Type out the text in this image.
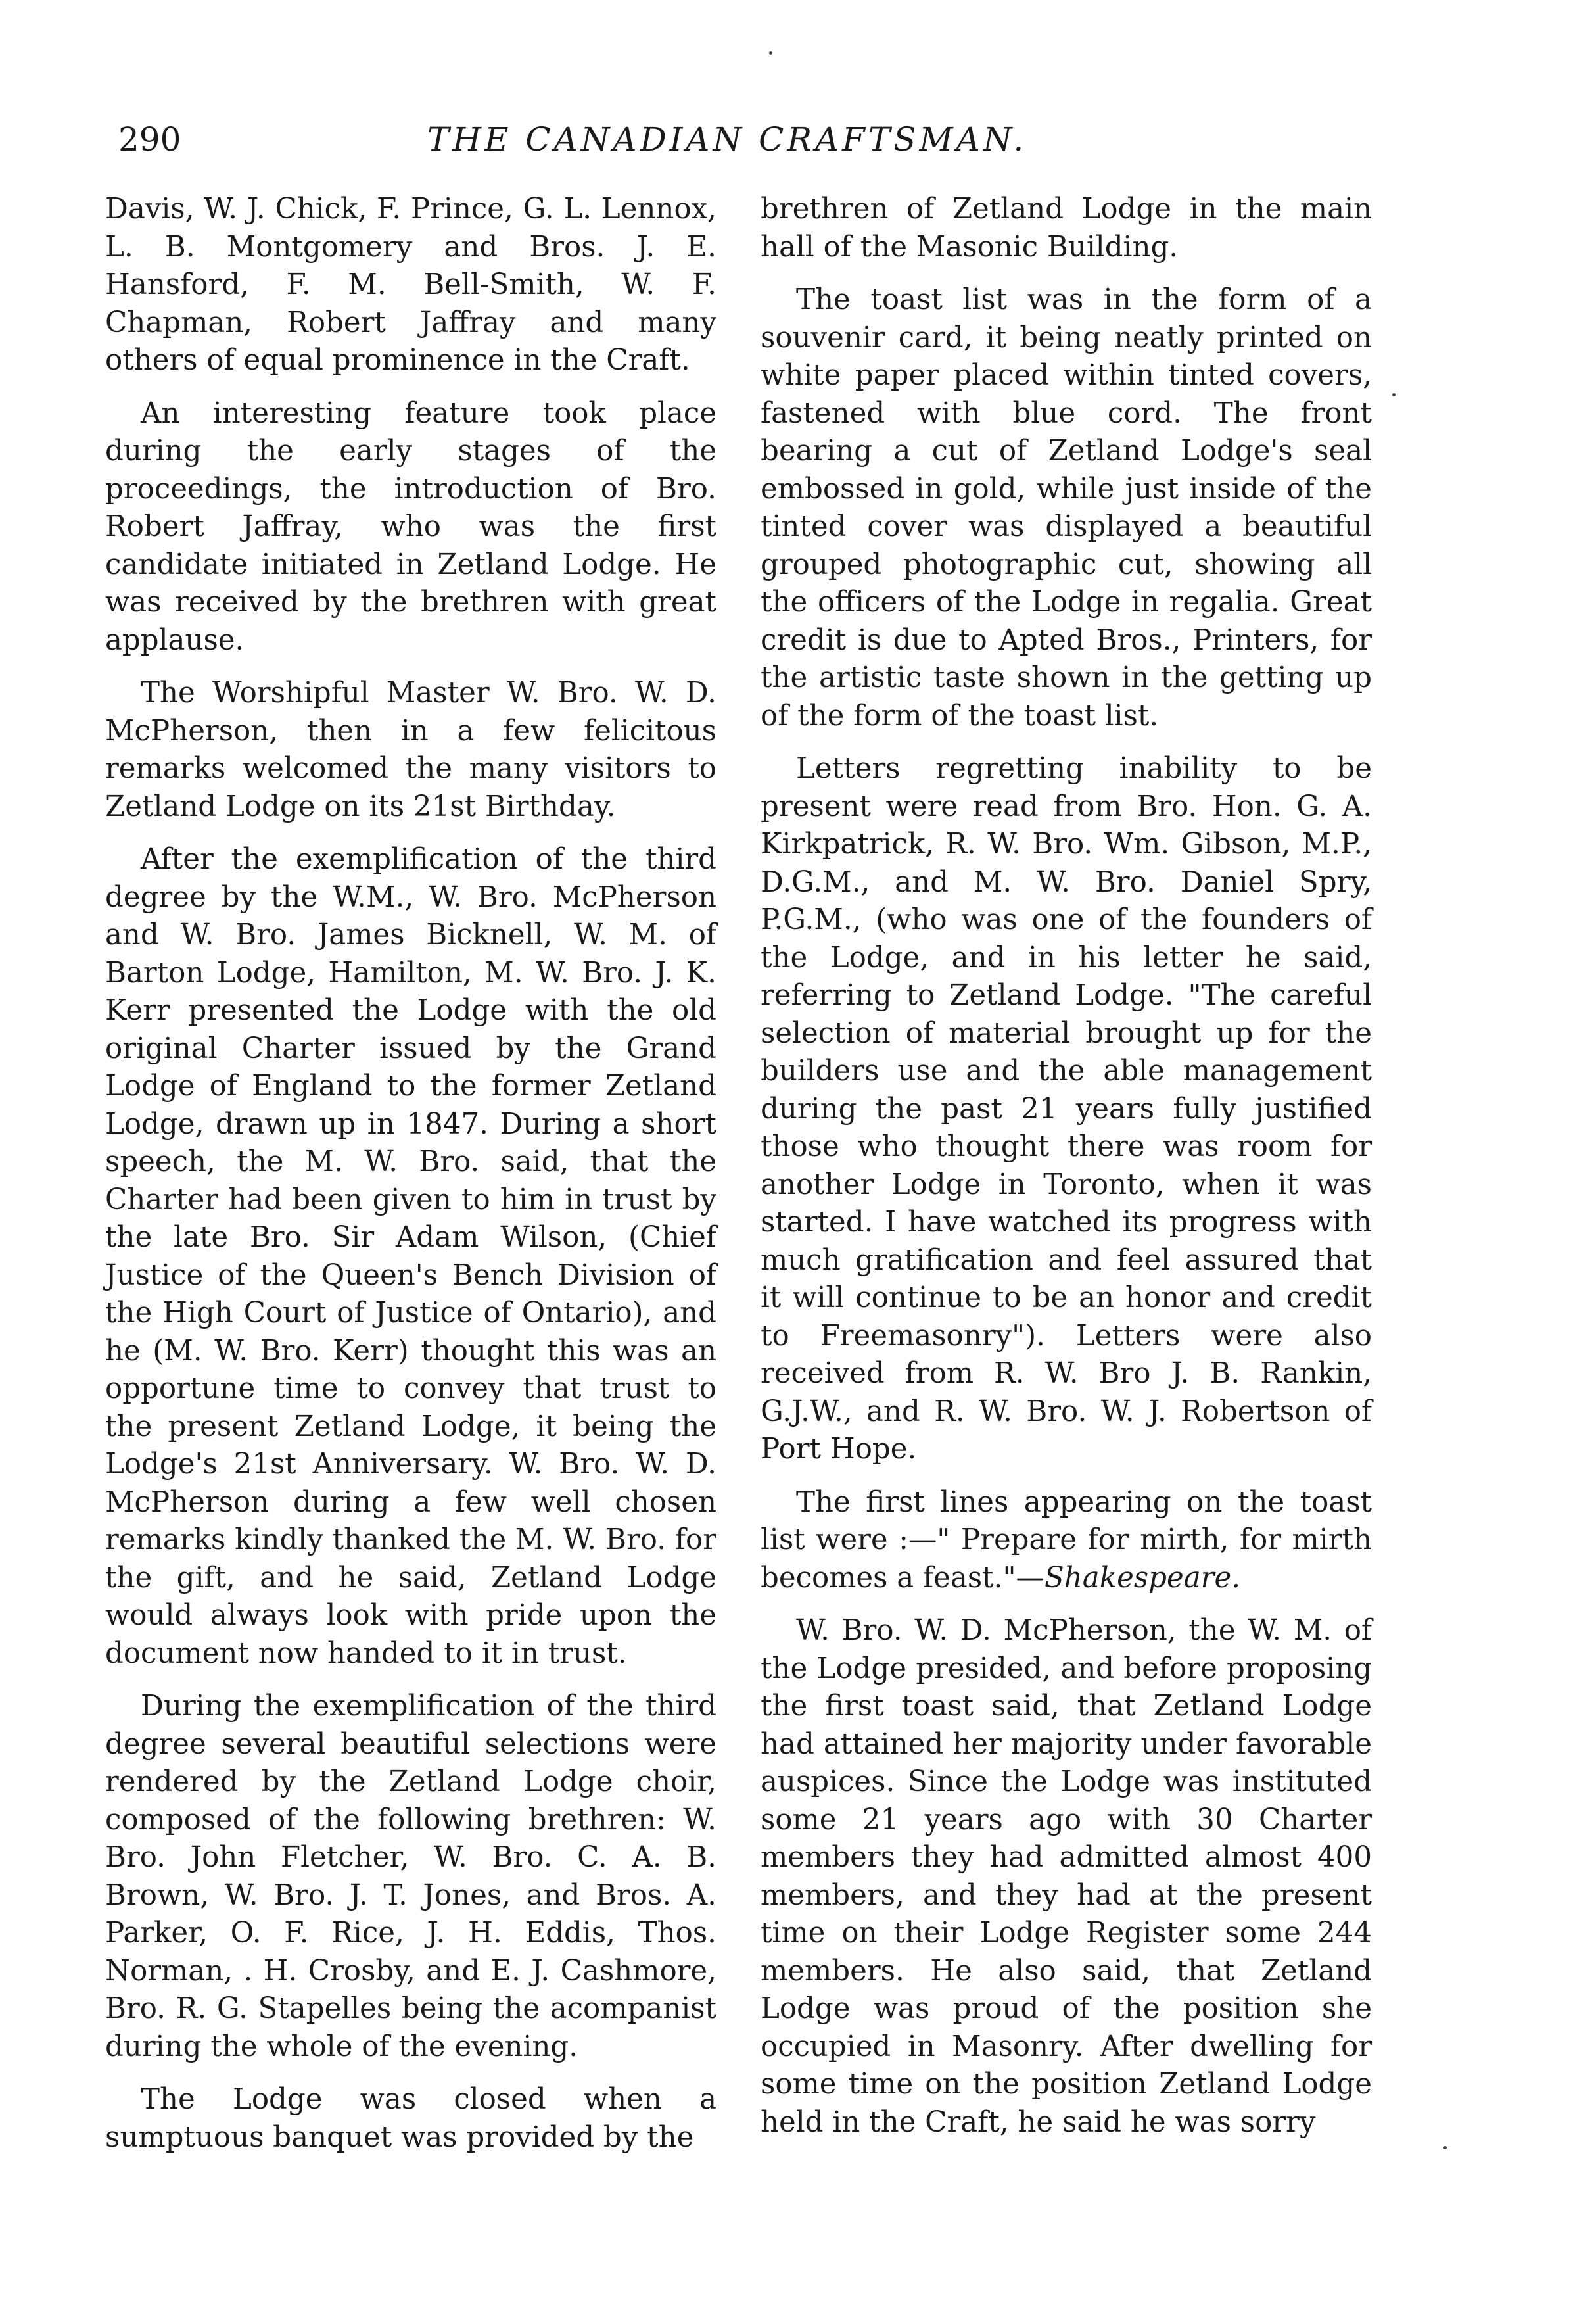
290	THE CANADIAN CRAFTSMAN.

Davis, W. J. Chick, F. Prince, G. L. Lennox, L. B. Montgomery and Bros. J. E. Hansford, F. M. Bell-Smith, W. F. Chapman, Robert Jaffray and many others of equal prominence in the Craft.

An interesting feature took place during the early stages of the proceedings, the introduction of Bro. Robert Jaffray, who was the first candidate initiated in Zetland Lodge. He was received by the brethren with great applause.

The Worshipful Master W. Bro. W. D. McPherson, then in a few felicitous remarks welcomed the many visitors to Zetland Lodge on its 21st Birthday.

After the exemplification of the third degree by the W.M., W. Bro. McPherson and W. Bro. James Bicknell, W. M. of Barton Lodge, Hamilton, M. W. Bro. J. K. Kerr presented the Lodge with the old original Charter issued by the Grand Lodge of England to the former Zetland Lodge, drawn up in 1847. During a short speech, the M. W. Bro. said, that the Charter had been given to him in trust by the late Bro. Sir Adam Wilson, (Chief Justice of the Queen's Bench Division of the High Court of Justice of Ontario), and he (M. W. Bro. Kerr) thought this was an opportune time to convey that trust to the present Zetland Lodge, it being the Lodge's 21st Anniversary. W. Bro. W. D. McPherson during a few well chosen remarks kindly thanked the M. W. Bro. for the gift, and he said, Zetland Lodge would always look with pride upon the document now handed to it in trust.

During the exemplification of the third degree several beautiful selections were rendered by the Zetland Lodge choir, composed of the following brethren: W. Bro. John Fletcher, W. Bro. C. A. B. Brown, W. Bro. J. T. Jones, and Bros. A. Parker, O. F. Rice, J. H. Eddis, Thos. Norman, . H. Crosby, and E. J. Cashmore, Bro. R. G. Stapelles being the acompanist during the whole of the evening.

The Lodge was closed when a sumptuous banquet was provided by the

brethren of Zetland Lodge in the main hall of the Masonic Building.

The toast list was in the form of a souvenir card, it being neatly printed on white paper placed within tinted covers, fastened with blue cord. The front bearing a cut of Zetland Lodge's seal embossed in gold, while just inside of the tinted cover was displayed a beautiful grouped photographic cut, showing all the officers of the Lodge in regalia. Great credit is due to Apted Bros., Printers, for the artistic taste shown in the getting up of the form of the toast list.

Letters regretting inability to be present were read from Bro. Hon. G. A. Kirkpatrick, R. W. Bro. Wm. Gibson, M.P., D.G.M., and M. W. Bro. Daniel Spry, P.G.M., (who was one of the founders of the Lodge, and in his letter he said, referring to Zetland Lodge. "The careful selection of material brought up for the builders use and the able management during the past 21 years fully justified those who thought there was room for another Lodge in Toronto, when it was started. I have watched its progress with much gratification and feel assured that it will continue to be an honor and credit to Freemasonry"). Letters were also received from R. W. Bro J. B. Rankin, G.J.W., and R. W. Bro. W. J. Robertson of Port Hope.

The first lines appearing on the toast list were :—" Prepare for mirth, for mirth becomes a feast."—Shakespeare.

W. Bro. W. D. McPherson, the W. M. of the Lodge presided, and before proposing the first toast said, that Zetland Lodge had attained her majority under favorable auspices. Since the Lodge was instituted some 21 years ago with 30 Charter members they had admitted almost 400 members, and they had at the present time on their Lodge Register some 244 members. He also said, that Zetland Lodge was proud of the position she occupied in Masonry. After dwelling for some time on the position Zetland Lodge held in the Craft, he said he was sorry
